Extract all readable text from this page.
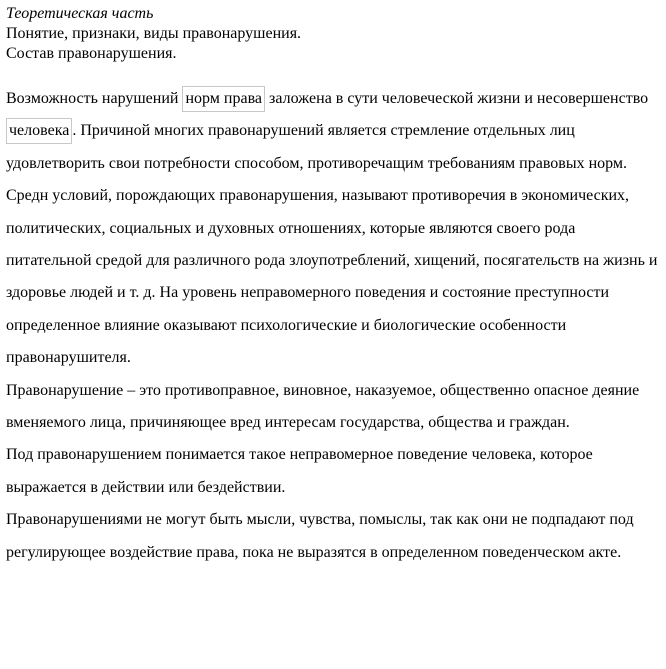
Теоретическая часть
Понятие, признаки, виды правонарушения.
Состав правонарушения.

Возможность нарушений норм права заложена в сути человеческой жизни и несовершенство человека . Причиной многих правонарушений является стремление отдельных лиц удовлетворить свои потребности способом, противоречащим требованиям правовых норм. Средн условий, порождающих правонарушения, называют противоречия в экономических, политических, социальных и духовных отношениях, которые являются своего рода питательной средой для различного рода злоупотреблений, хищений, посягательств на жизнь и здоровье людей и т. д. На уровень неправомерного поведения и состояние преступности определенное влияние оказывают психологические и биологические особенности правонарушителя.

Правонарушение – это противоправное, виновное, наказуемое, общественно опасное деяние вменяемого лица, причиняющее вред интересам государства, общества и граждан.

Под правонарушением понимается такое неправомерное поведение человека, которое выражается в действии или бездействии.

Правонарушениями не могут быть мысли, чувства, помыслы, так как они не подпадают под регулирующее воздействие права, пока не выразятся в определенном поведенческом акте.
